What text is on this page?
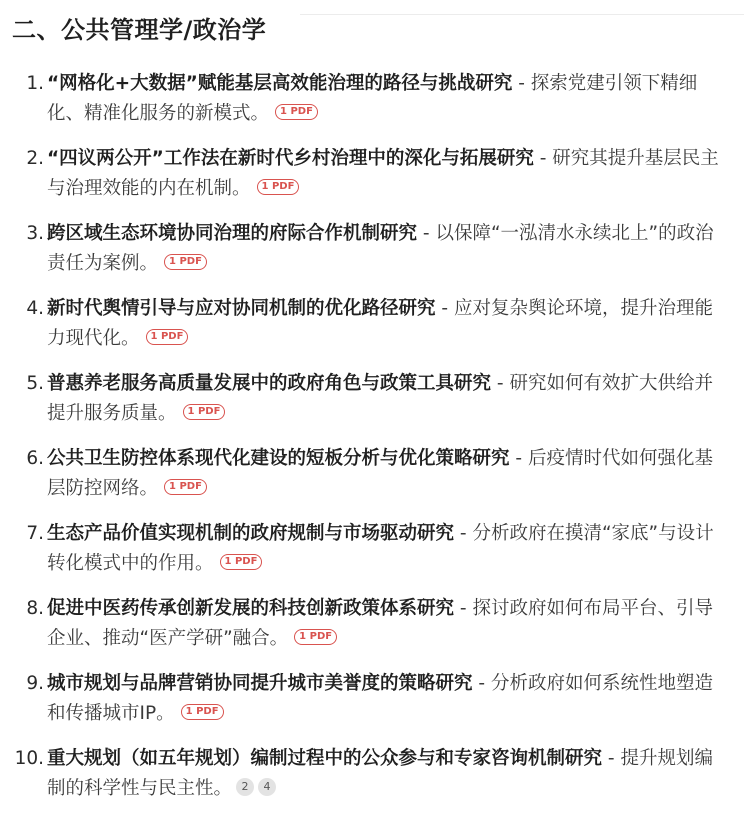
二、公共管理学/政治学
1. “网格化+大数据”赋能基层高效能治理的路径与挑战研究 - 探索党建引领下精细化、精准化服务的新模式。 1 PDF
2. “四议两公开”工作法在新时代乡村治理中的深化与拓展研究 - 研究其提升基层民主与治理效能的内在机制。 1 PDF
3. 跨区域生态环境协同治理的府际合作机制研究 - 以保障“一泓清水永续北上”的政治责任为案例。 1 PDF
4. 新时代舆情引导与应对协同机制的优化路径研究 - 应对复杂舆论环境，提升治理能力现代化。 1 PDF
5. 普惠养老服务高质量发展中的政府角色与政策工具研究 - 研究如何有效扩大供给并提升服务质量。 1 PDF
6. 公共卫生防控体系现代化建设的短板分析与优化策略研究 - 后疫情时代如何强化基层防控网络。 1 PDF
7. 生态产品价值实现机制的政府规制与市场驱动研究 - 分析政府在摸清“家底”与设计转化模式中的作用。 1 PDF
8. 促进中医药传承创新发展的科技创新政策体系研究 - 探讨政府如何布局平台、引导企业、推动“医产学研”融合。 1 PDF
9. 城市规划与品牌营销协同提升城市美誉度的策略研究 - 分析政府如何系统性地塑造和传播城市IP。 1 PDF
10. 重大规划（如五年规划）编制过程中的公众参与和专家咨询机制研究 - 提升规划编制的科学性与民主性。 2 4
